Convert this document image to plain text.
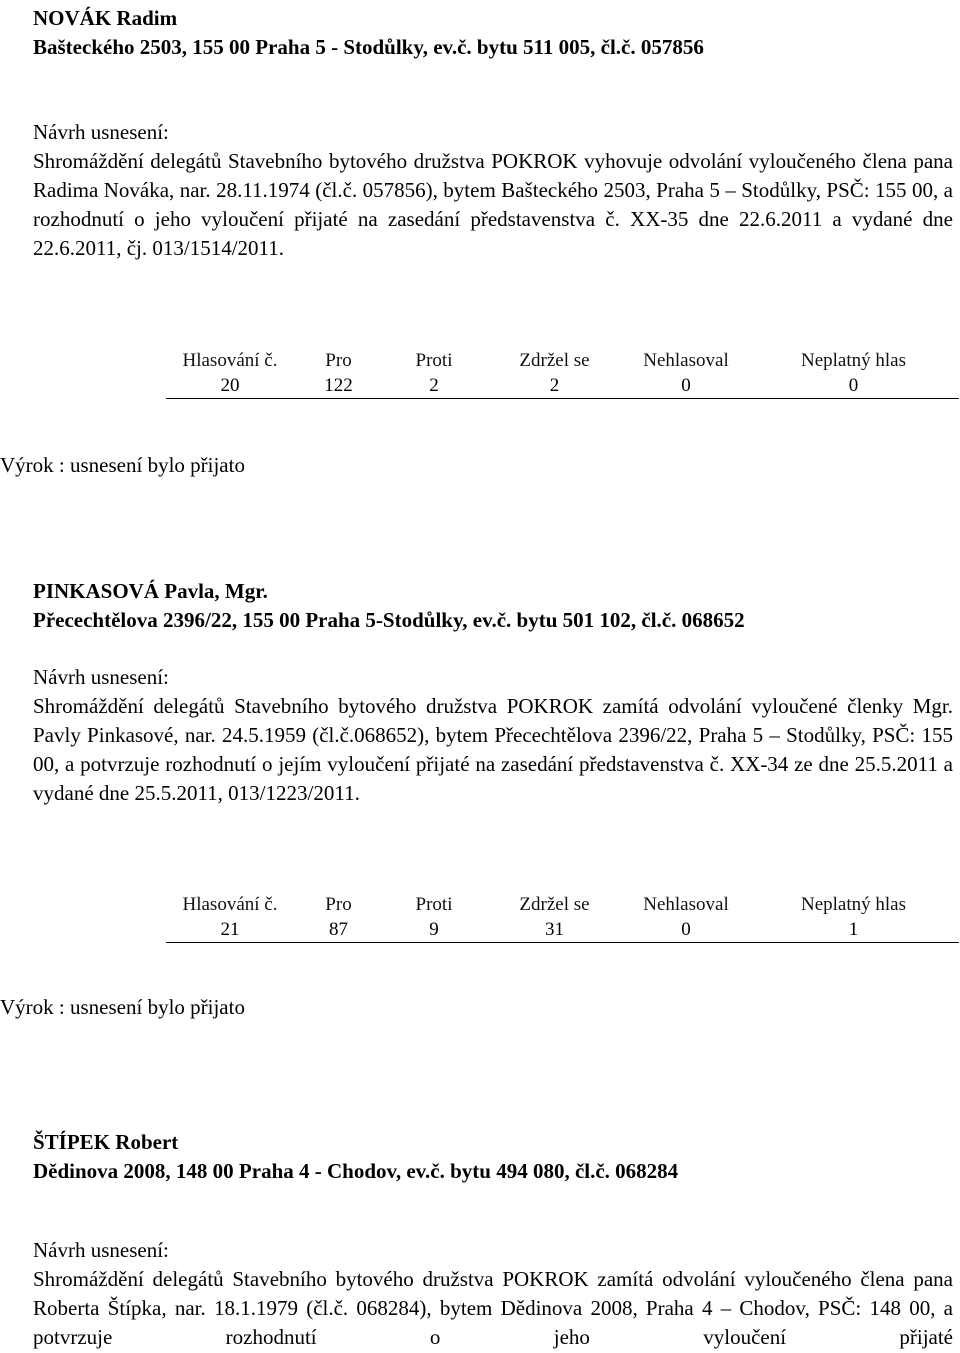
NOVÁK Radim
Bašteckého 2503, 155 00 Praha 5 - Stodůlky, ev.č. bytu 511 005, čl.č. 057856
Návrh usnesení:
Shromáždění delegátů Stavebního bytového družstva POKROK vyhovuje odvolání vyloučeného člena pana Radima Nováka, nar. 28.11.1974 (čl.č. 057856), bytem Bašteckého 2503, Praha 5 – Stodůlky, PSČ: 155 00, a rozhodnutí o jeho vyloučení přijaté na zasedání představenstva č. XX-35 dne 22.6.2011 a vydané dne 22.6.2011, čj. 013/1514/2011.
Hlasování č.	Pro	Proti	Zdržel se	Nehlasoval	Neplatný hlas
20	122	2	2	0	0
Výrok : usnesení bylo přijato
PINKASOVÁ Pavla, Mgr.
Přecechtělova 2396/22, 155 00 Praha 5-Stodůlky, ev.č. bytu 501 102, čl.č. 068652
Návrh usnesení:
Shromáždění delegátů Stavebního bytového družstva POKROK zamítá odvolání vyloučené členky Mgr. Pavly Pinkasové, nar. 24.5.1959 (čl.č.068652), bytem Přecechtělova 2396/22, Praha 5 – Stodůlky, PSČ: 155 00, a potvrzuje rozhodnutí o jejím vyloučení přijaté na zasedání představenstva č. XX-34 ze dne 25.5.2011 a vydané dne 25.5.2011, 013/1223/2011.
Hlasování č.	Pro	Proti	Zdržel se	Nehlasoval	Neplatný hlas
21	87	9	31	0	1
Výrok : usnesení bylo přijato
ŠTÍPEK Robert
Dědinova 2008, 148 00 Praha 4 - Chodov, ev.č. bytu 494 080, čl.č. 068284
Návrh usnesení:
Shromáždění delegátů Stavebního bytového družstva POKROK zamítá odvolání vyloučeného člena pana Roberta Štípka, nar. 18.1.1979 (čl.č. 068284), bytem Dědinova 2008, Praha 4 – Chodov, PSČ: 148 00, a potvrzuje rozhodnutí o jeho vyloučení přijaté
